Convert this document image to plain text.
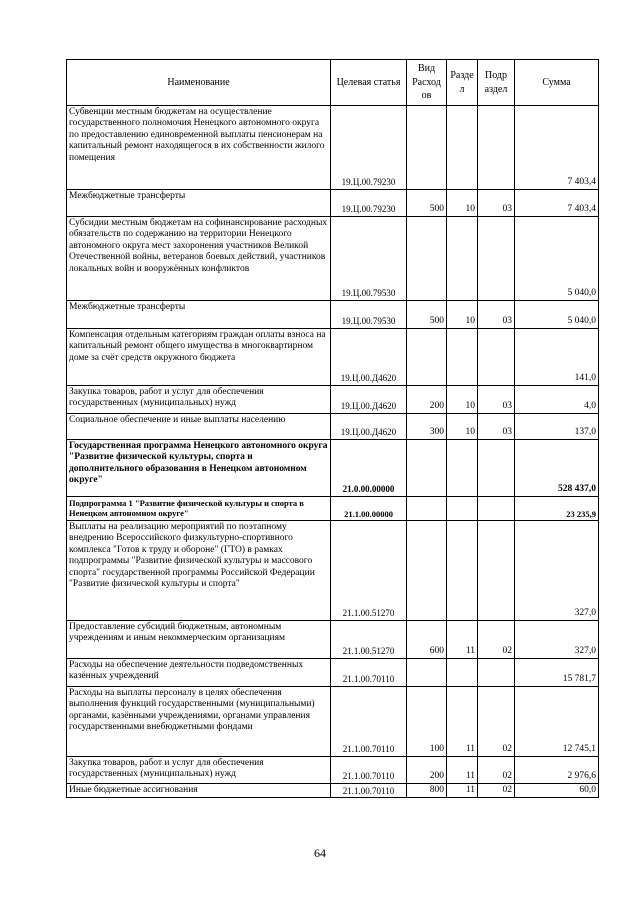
Наименование	Целевая статья	Вид Расход ов	Разде л	Подр аздел	Сумма
Субвенции местным бюджетам на осуществление государственного полномочия Ненецкого автономного округа по предоставлению единовременной выплаты пенсионерам на капитальный ремонт находящегося в их собственности жилого помещения	19.Ц.00.79230				7 403,4
Межбюджетные трансферты	19.Ц.00.79230	500	10	03	7 403,4
Субсидии местным бюджетам на софинансирование расходных обязательств по содержанию на территории Ненецкого автономного округа мест захоронения участников Великой Отечественной войны, ветеранов боевых действий, участников локальных войн и вооружённых конфликтов	19.Ц.00.79530				5 040,0
Межбюджетные трансферты	19.Ц.00.79530	500	10	03	5 040,0
Компенсация отдельным категориям граждан оплаты взноса на капитальный ремонт общего имущества в многоквартирном доме за счёт средств окружного бюджета	19.Ц.00.Д4620				141,0
Закупка товаров, работ и услуг для обеспечения государственных (муниципальных) нужд	19.Ц.00.Д4620	200	10	03	4,0
Социальное обеспечение и иные выплаты населению	19.Ц.00.Д4620	300	10	03	137,0
Государственная программа Ненецкого автономного округа "Развитие физической культуры, спорта и дополнительного образования в Ненецком автономном округе"	21.0.00.00000				528 437,0
Подпрограмма 1 "Развитие физической культуры и спорта в Ненецком автономном округе"	21.1.00.00000				23 235,9
Выплаты на реализацию мероприятий по поэтапному внедрению Всероссийского физкультурно-спортивного комплекса "Готов к труду и обороне" (ГТО) в рамках подпрограммы "Развитие физической культуры и массового спорта" государственной программы Российской Федерации "Развитие физической культуры и спорта"	21.1.00.51270				327,0
Предоставление субсидий бюджетным, автономным учреждениям и иным некоммерческим организациям	21.1.00.51270	600	11	02	327,0
Расходы на обеспечение деятельности подведомственных казённых учреждений	21.1.00.70110				15 781,7
Расходы на выплаты персоналу в целях обеспечения выполнения функций государственными (муниципальными) органами, казёнными учреждениями, органами управления государственными внебюджетными фондами	21.1.00.70110	100	11	02	12 745,1
Закупка товаров, работ и услуг для обеспечения государственных (муниципальных) нужд	21.1.00.70110	200	11	02	2 976,6
Иные бюджетные ассигнования	21.1.00.70110	800	11	02	60,0
64
